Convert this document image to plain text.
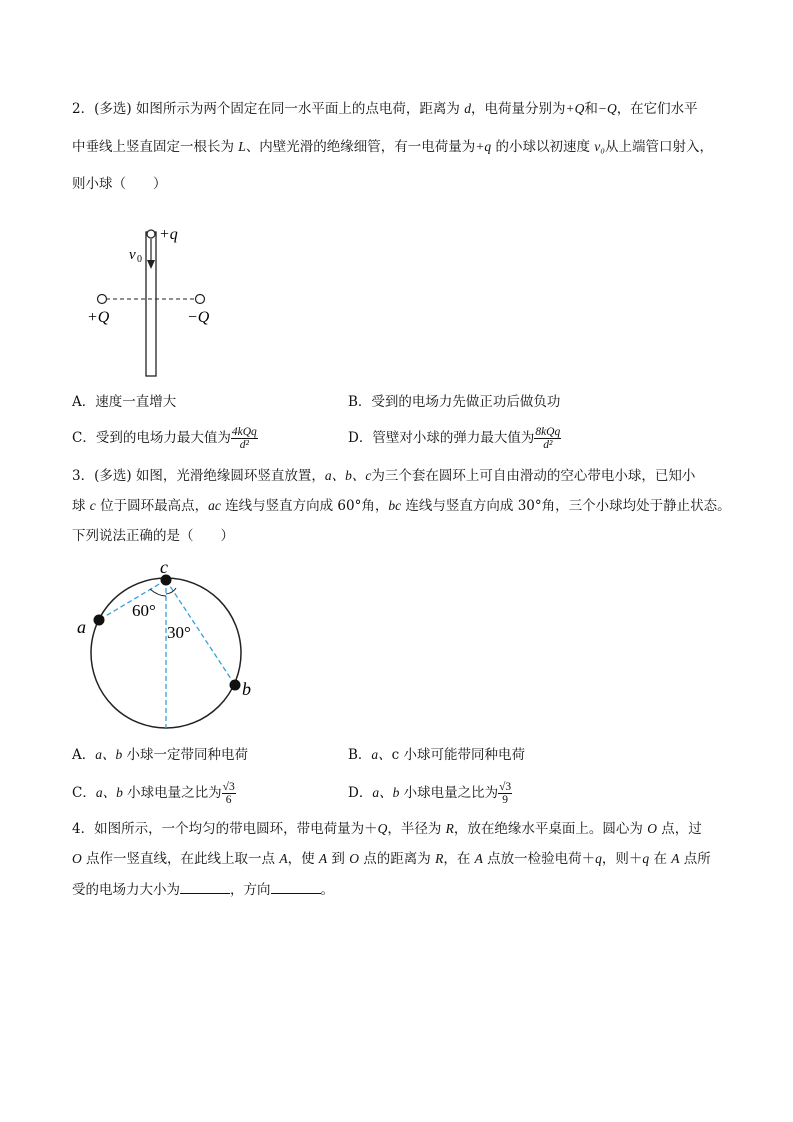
2．(多选) 如图所示为两个固定在同一水平面上的点电荷，距离为 d，电荷量分别为+Q和−Q，在它们水平
中垂线上竖直固定一根长为 L、内壁光滑的绝缘细管，有一电荷量为+q 的小球以初速度 v₀从上端管口射入，
则小球（　　）
+q
v 0
+Q	−Q
A．速度一直增大	B．受到的电场力先做正功后做负功
C．受到的电场力最大值为 $\frac{\text{4kQq}}{\text{d²}}$	D．管壁对小球的弹力最大值为 $\frac{\text{8kQq}}{\text{d²}}$
3．(多选) 如图，光滑绝缘圆环竖直放置，a、b、c为三个套在圆环上可自由滑动的空心带电小球，已知小
球 c 位于圆环最高点，ac 连线与竖直方向成 60°角，bc 连线与竖直方向成 30°角，三个小球均处于静止状态。
下列说法正确的是（　　）
c
a
b
60°
30°
A．a、b 小球一定带同种电荷	B．a、c 小球可能带同种电荷
C．a、b 小球电量之比为 $\frac{√3}{6}$	D．a、b 小球电量之比为 $\frac{√3}{9}$
4．如图所示，一个均匀的带电圆环，带电荷量为＋Q，半径为 R，放在绝缘水平桌面上。圆心为 O 点，过
O 点作一竖直线，在此线上取一点 A，使 A 到 O 点的距离为 R，在 A 点放一检验电荷＋q，则＋q 在 A 点所
受的电场力大小为	，方向	。
